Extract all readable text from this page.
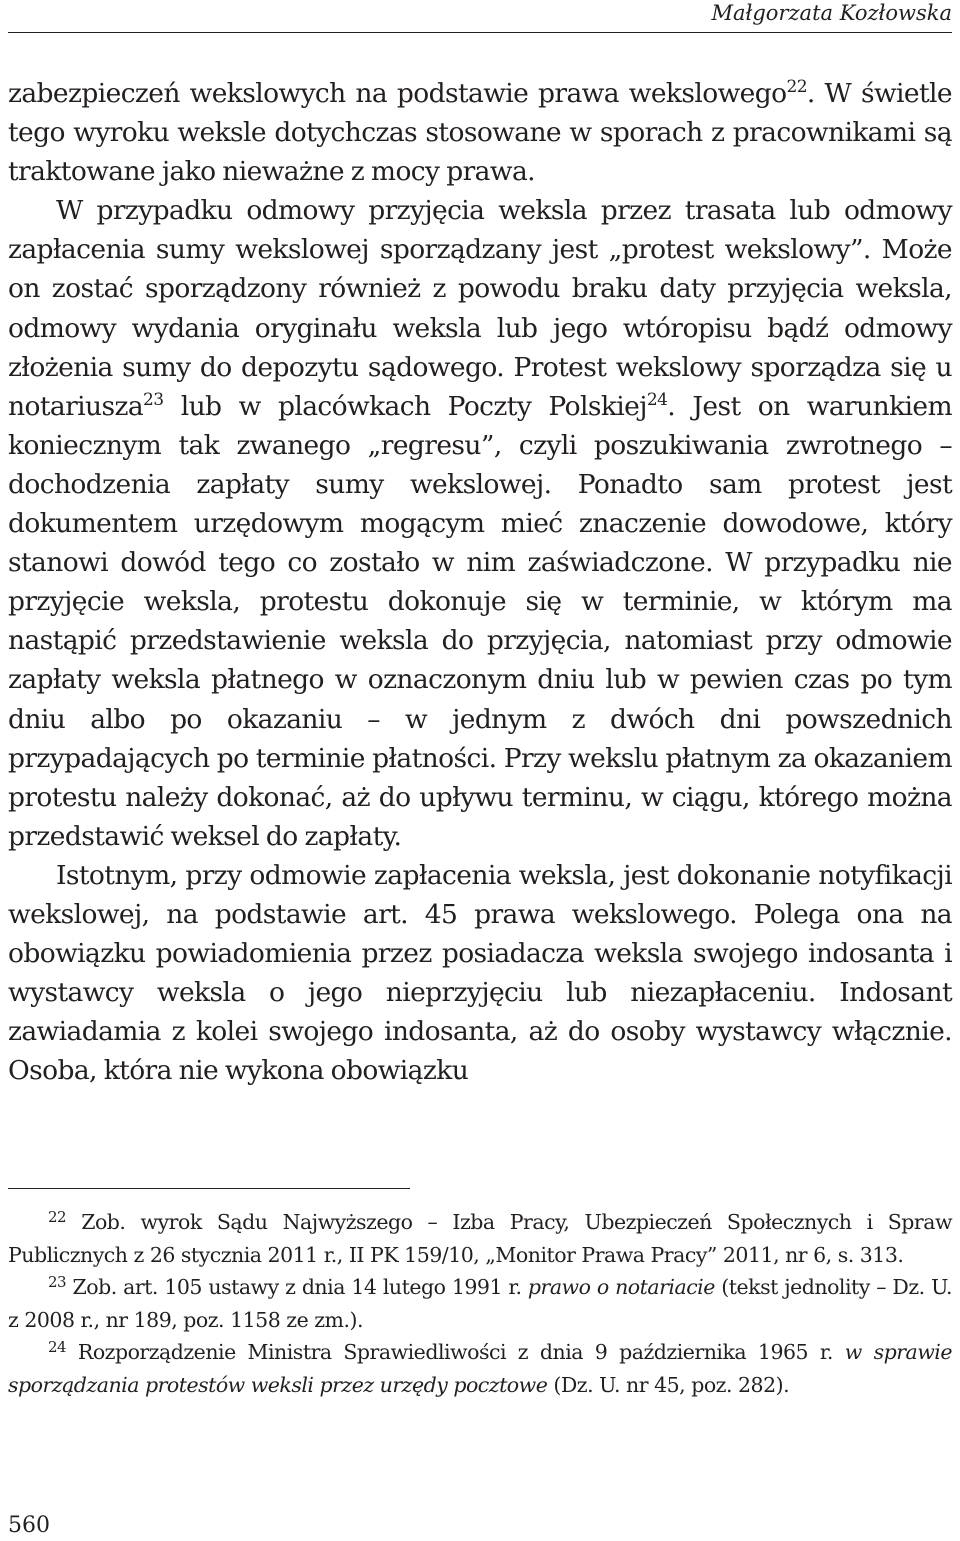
Małgorzata Kozłowska

zabezpieczeń wekslowych na podstawie prawa wekslowego$^{22}$. W świetle tego wyroku weksle dotychczas stosowane w sporach z pracownikami są traktowane jako nieważne z mocy prawa.

W przypadku odmowy przyjęcia weksla przez trasata lub odmowy zapłacenia sumy wekslowej sporządzany jest „protest wekslowy”. Może on zostać sporządzony również z powodu braku daty przyjęcia weksla, odmowy wydania oryginału weksla lub jego wtóropisu bądź odmowy złożenia sumy do depozytu sądowego. Protest wekslowy sporządza się u notariusza$^{23}$ lub w placówkach Poczty Polskiej$^{24}$. Jest on warunkiem koniecznym tak zwanego „regresu”, czyli poszukiwania zwrotnego – dochodzenia zapłaty sumy wekslowej. Ponadto sam protest jest dokumentem urzędowym mogącym mieć znaczenie dowodowe, który stanowi dowód tego co zostało w nim zaświadczone. W przypadku nie przyjęcie weksla, protestu dokonuje się w terminie, w którym ma nastąpić przedstawienie weksla do przyjęcia, natomiast przy odmowie zapłaty weksla płatnego w oznaczonym dniu lub w pewien czas po tym dniu albo po okazaniu – w jednym z dwóch dni powszednich przypadających po terminie płatności. Przy wekslu płatnym za okazaniem protestu należy dokonać, aż do upływu terminu, w ciągu, którego można przedstawić weksel do zapłaty.

Istotnym, przy odmowie zapłacenia weksla, jest dokonanie notyfikacji wekslowej, na podstawie art. 45 prawa wekslowego. Polega ona na obowiązku powiadomienia przez posiadacza weksla swojego indosanta i wystawcy weksla o jego nieprzyjęciu lub niezapłaceniu. Indosant zawiadamia z kolei swojego indosanta, aż do osoby wystawcy włącznie. Osoba, która nie wykona obowiązku

$^{22}$ Zob. wyrok Sądu Najwyższego – Izba Pracy, Ubezpieczeń Społecznych i Spraw Publicznych z 26 stycznia 2011 r., II PK 159/10, „Monitor Prawa Pracy” 2011, nr 6, s. 313.

$^{23}$ Zob. art. 105 ustawy z dnia 14 lutego 1991 r. prawo o notariacie (tekst jednolity – Dz. U. z 2008 r., nr 189, poz. 1158 ze zm.).

$^{24}$ Rozporządzenie Ministra Sprawiedliwości z dnia 9 października 1965 r. w sprawie sporządzania protestów weksli przez urzędy pocztowe (Dz. U. nr 45, poz. 282).

560
